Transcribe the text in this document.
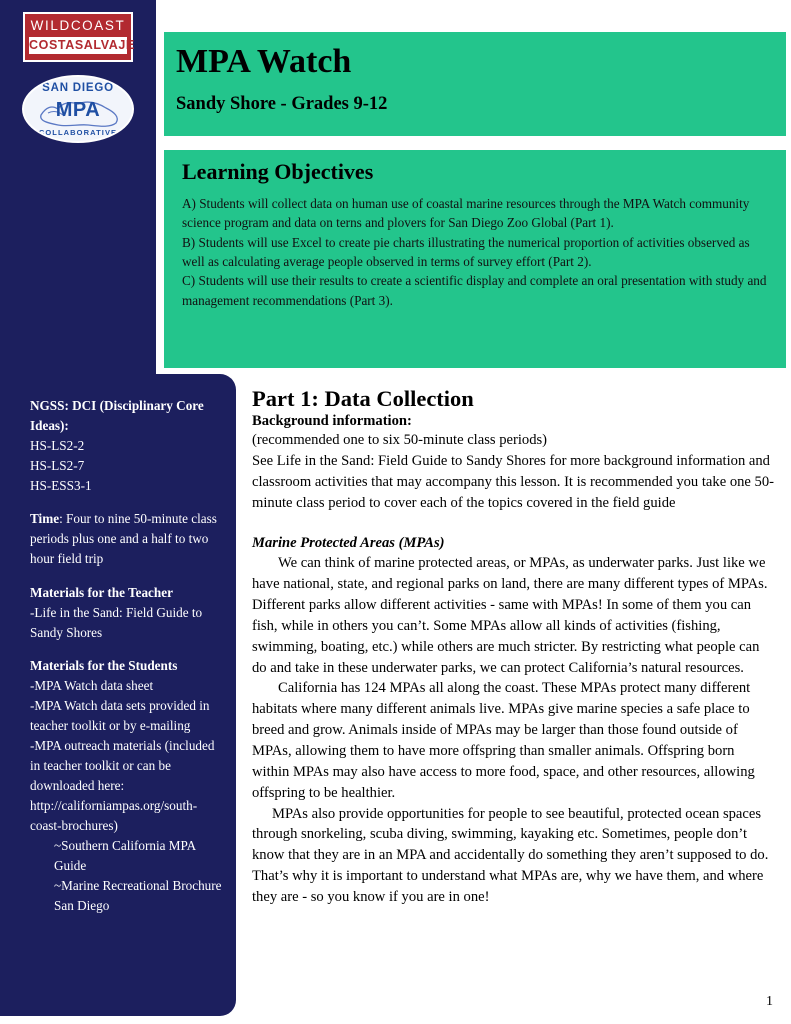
WILDCOAST
COSTASALVAJE
SAN DIEGO
MPA
COLLABORATIVE
MPA Watch
Sandy Shore - Grades 9-12
Learning Objectives

A) Students will collect data on human use of coastal marine resources through the MPA Watch community science program and data on terns and plovers for San Diego Zoo Global (Part 1).

B) Students will use Excel to create pie charts illustrating the numerical proportion of activities observed as well as calculating average people observed in terms of survey effort (Part 2).

C) Students will use their results to create a scientific display and complete an oral presentation with study and management recommendations (Part 3).

NGSS: DCI (Disciplinary Core Ideas):
HS-LS2-2
HS-LS2-7
HS-ESS3-1
Time: Four to nine 50-minute class periods plus one and a half to two hour field trip
Materials for the Teacher
-Life in the Sand: Field Guide to Sandy Shores
Materials for the Students
-MPA Watch data sheet
-MPA Watch data sets provided in teacher toolkit or by e-mailing
-MPA outreach materials (included in teacher toolkit or can be downloaded here: http://californiampas.org/south-coast-brochures)
~Southern California MPA Guide
~Marine Recreational Brochure San Diego
Part 1: Data Collection
Background information:

(recommended one to six 50-minute class periods)

See Life in the Sand: Field Guide to Sandy Shores for more background information and classroom activities that may accompany this lesson. It is recommended you take one 50-minute class period to cover each of the topics covered in the field guide

Marine Protected Areas (MPAs)

We can think of marine protected areas, or MPAs, as underwater parks. Just like we have national, state, and regional parks on land, there are many different types of MPAs. Different parks allow different activities - same with MPAs! In some of them you can fish, while in others you can’t. Some MPAs allow all kinds of activities (fishing, swimming, boating, etc.) while others are much stricter. By restricting what people can do and take in these underwater parks, we can protect California’s natural resources.

California has 124 MPAs all along the coast. These MPAs protect many different habitats where many different animals live. MPAs give marine species a safe place to breed and grow. Animals inside of MPAs may be larger than those found outside of MPAs, allowing them to have more offspring than smaller animals. Offspring born within MPAs may also have access to more food, space, and other resources, allowing offspring to be healthier.

MPAs also provide opportunities for people to see beautiful, protected ocean spaces through snorkeling, scuba diving, swimming, kayaking etc. Sometimes, people don’t know that they are in an MPA and accidentally do something they aren’t supposed to do. That’s why it is important to understand what MPAs are, why we have them, and where they are - so you know if you are in one!

1
